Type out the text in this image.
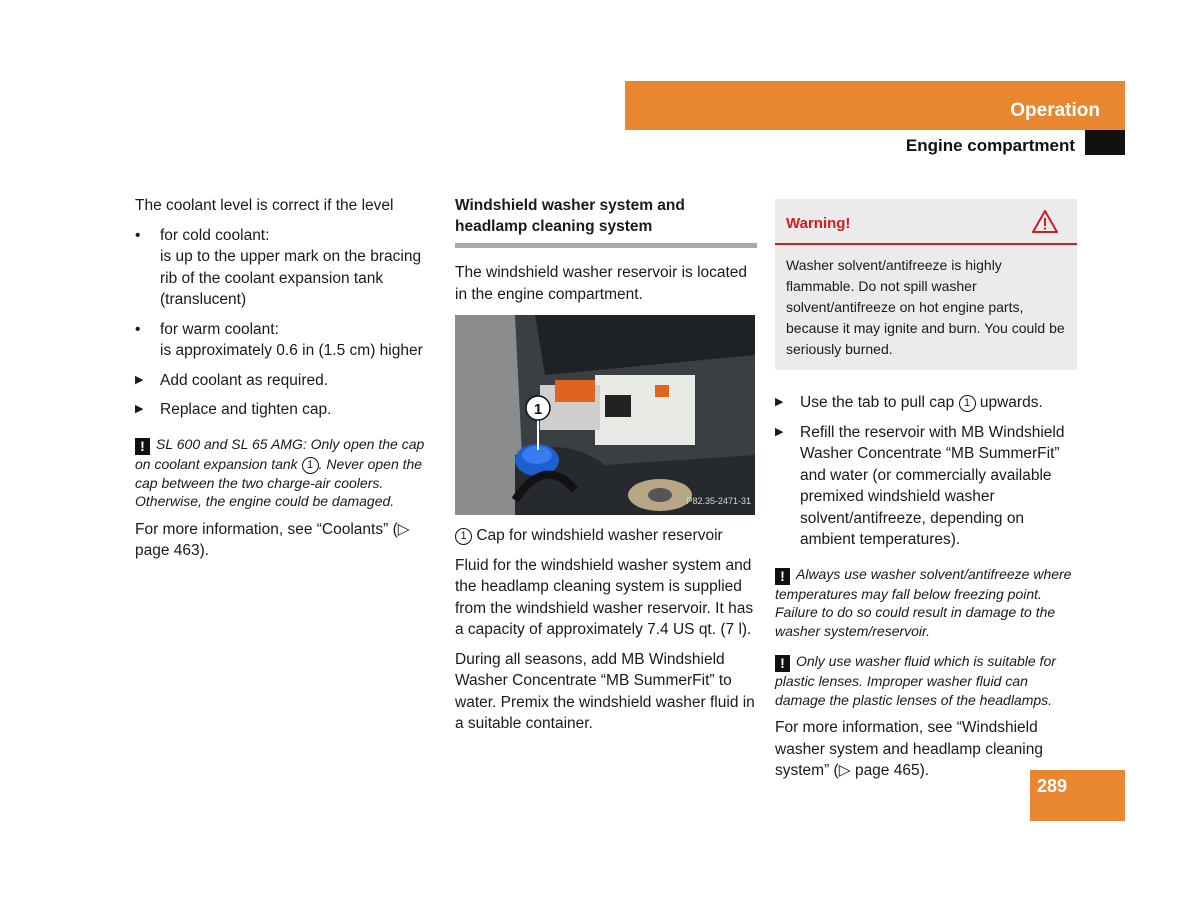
Operation
Engine compartment

The coolant level is correct if the level

• for cold coolant:
is up to the upper mark on the bracing rib of the coolant expansion tank (translucent)
• for warm coolant:
is approximately 0.6 in (1.5 cm) higher
▶ Add coolant as required.
▶ Replace and tighten cap.

! SL 600 and SL 65 AMG: Only open the cap on coolant expansion tank 1 . Never open the cap between the two charge-air coolers. Otherwise, the engine could be damaged.

For more information, see “Coolants” (▷ page 463).

Windshield washer system and headlamp cleaning system

The windshield washer reservoir is located in the engine compartment.

1
P82.35-2471-31

1 Cap for windshield washer reservoir

Fluid for the windshield washer system and the headlamp cleaning system is supplied from the windshield washer reservoir. It has a capacity of approximately 7.4 US qt. (7 l).

During all seasons, add MB Windshield Washer Concentrate “MB SummerFit” to water. Premix the windshield washer fluid in a suitable container.

Warning!
Washer solvent/antifreeze is highly flammable. Do not spill washer solvent/antifreeze on hot engine parts, because it may ignite and burn. You could be seriously burned.
▶ Use the tab to pull cap 1 upwards.
▶ Refill the reservoir with MB Windshield Washer Concentrate “MB SummerFit” and water (or commercially available premixed windshield washer solvent/antifreeze, depending on ambient temperatures).

! Always use washer solvent/antifreeze where temperatures may fall below freezing point. Failure to do so could result in damage to the washer system/reservoir.

! Only use washer fluid which is suitable for plastic lenses. Improper washer fluid can damage the plastic lenses of the headlamps.

For more information, see “Windshield washer system and headlamp cleaning system” (▷ page 465).

289
